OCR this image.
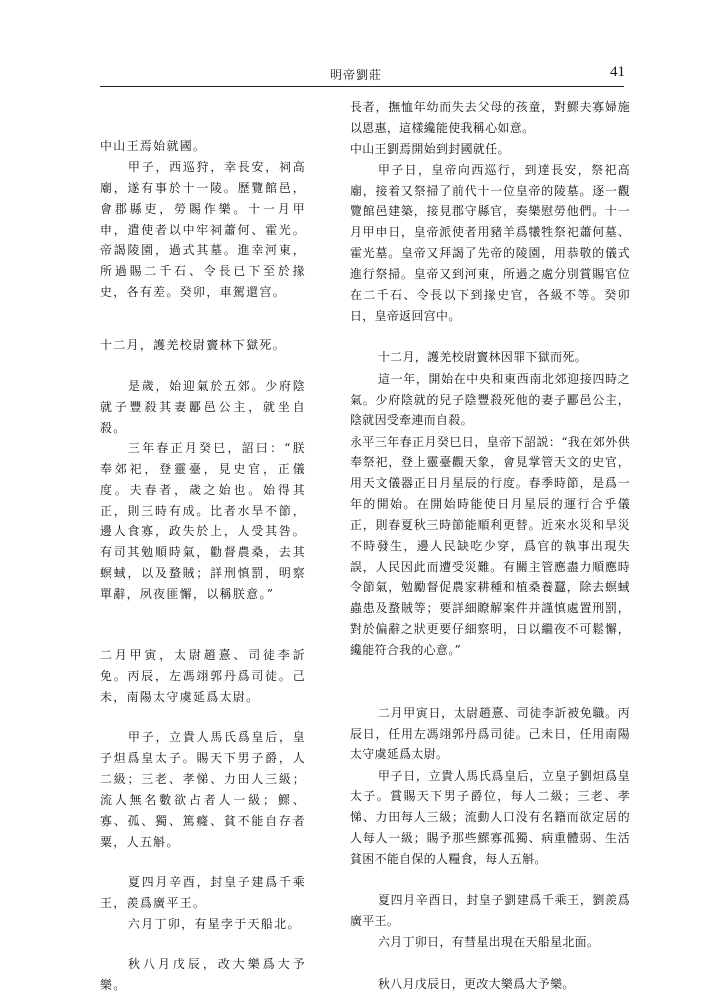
明帝劉莊	41

中山王焉始就國。

甲子，西巡狩，幸長安，祠高廟，遂有事於十一陵。歷覽館邑，會郡縣吏，勞賜作樂。十一月甲申，遣使者以中牢祠蕭何、霍光。帝謁陵園，過式其墓。進幸河東，所過賜二千石、令長已下至於掾史，各有差。癸卯，車駕還宫。

十二月，護羌校尉竇林下獄死。

是歲，始迎氣於五郊。少府陰就子豐殺其妻酈邑公主，就坐自殺。

三年春正月癸巳，詔曰：“朕奉郊祀，登靈臺，見史官，正儀度。夫春者，歲之始也。始得其正，則三時有成。比者水旱不節，邊人食寡，政失於上，人受其咎。有司其勉順時氣，勸督農桑，去其螟蜮，以及蝥賊；詳刑慎罰，明察單辭，夙夜匪懈，以稱朕意。”

二月甲寅，太尉趙憙、司徒李訢免。丙辰，左馮翊郭丹爲司徒。己未，南陽太守虞延爲太尉。

甲子，立貴人馬氏爲皇后，皇子炟爲皇太子。賜天下男子爵，人二級；三老、孝悌、力田人三級；流人無名數欲占者人一級；鰥、寡、孤、獨、篤癃、貧不能自存者粟，人五斛。

夏四月辛酉，封皇子建爲千乘王，羨爲廣平王。

六月丁卯，有星孛于天船北。

秋八月戊辰，改大樂爲大予樂。

長者，撫恤年幼而失去父母的孩童，對鰥夫寡婦施以恩惠，這樣纔能使我稱心如意。

中山王劉焉開始到封國就任。

甲子日，皇帝向西巡行，到達長安，祭祀高廟，接着又祭掃了前代十一位皇帝的陵墓。逐一觀覽館邑建築，接見郡守縣官，奏樂慰勞他們。十一月甲申日，皇帝派使者用豬羊爲犧牲祭祀蕭何墓、霍光墓。皇帝又拜謁了先帝的陵園，用恭敬的儀式進行祭掃。皇帝又到河東，所過之處分別賞賜官位在二千石、令長以下到掾史官，各級不等。癸卯日，皇帝返回宫中。

十二月，護羌校尉竇林因罪下獄而死。

這一年，開始在中央和東西南北郊迎接四時之氣。少府陰就的兒子陰豐殺死他的妻子酈邑公主，陰就因受牽連而自殺。

永平三年春正月癸巳日，皇帝下詔説：“我在郊外供奉祭祀，登上靈臺觀天象，會見掌管天文的史官，用天文儀器正日月星辰的行度。春季時節，是爲一年的開始。在開始時能使日月星辰的運行合乎儀正，則春夏秋三時節能順利更替。近來水災和旱災不時發生，邊人民缺吃少穿，爲官的執事出現失誤，人民因此而遭受災難。有關主管應盡力順應時令節氣，勉勵督促農家耕種和植桑養蠶，除去螟蜮蟲患及蝥賊等；要詳細瞭解案件并謹慎處置刑罰，對於偏辭之狀更要仔細察明，日以繼夜不可鬆懈，纔能符合我的心意。”

二月甲寅日，太尉趙憙、司徒李訢被免職。丙辰日，任用左馮翊郭丹爲司徒。己未日，任用南陽太守虞延爲太尉。

甲子日，立貴人馬氏爲皇后，立皇子劉炟爲皇太子。賞賜天下男子爵位，每人二級；三老、孝悌、力田每人三級；流動人口没有名籍而欲定居的人每人一級；賜予那些鰥寡孤獨、病重體弱、生活貧困不能自保的人糧食，每人五斛。

夏四月辛酉日，封皇子劉建爲千乘王，劉羨爲廣平王。

六月丁卯日，有彗星出現在天船星北面。

秋八月戊辰日，更改大樂爲大予樂。
